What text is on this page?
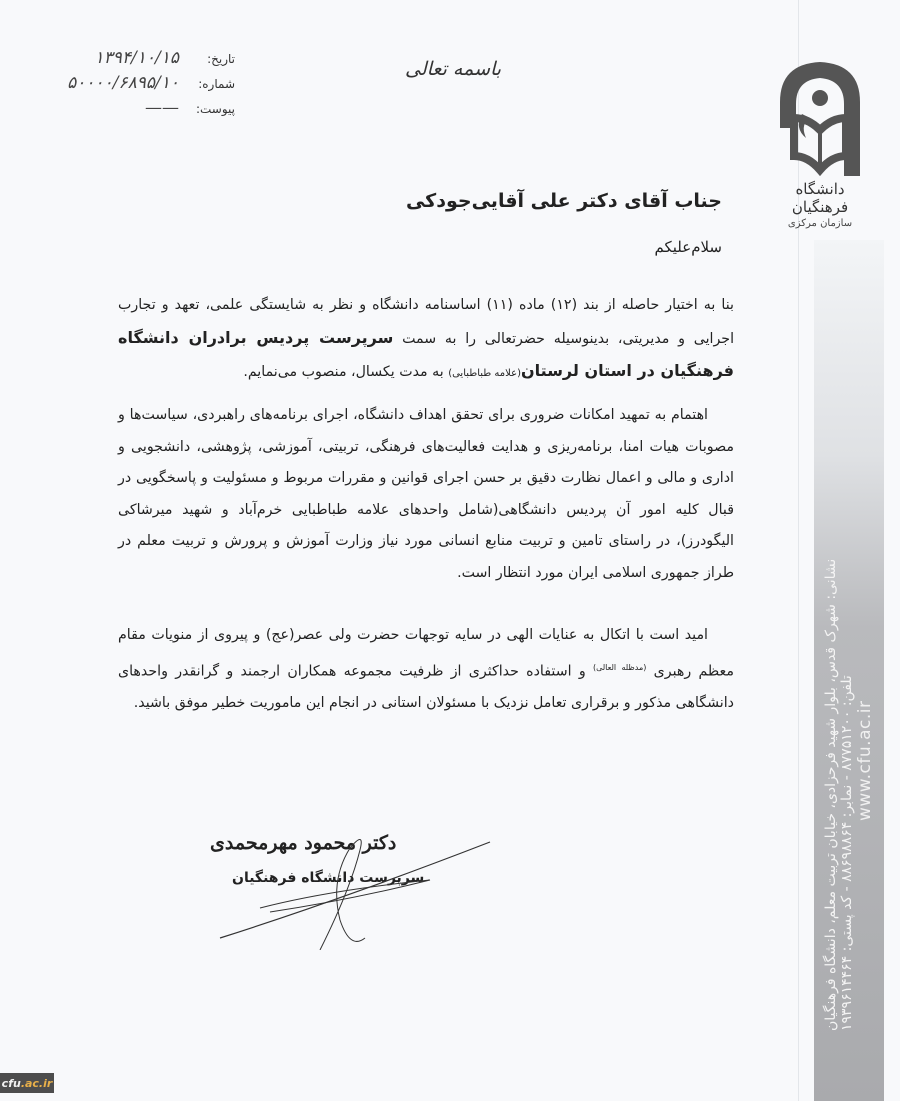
نشانی: شهرک قدس، بلوار شهید فرحزادی، خیابان تربیت معلم، دانشگاه فرهنگیان تلفن: ۸۷۷۵۱۲۰۰ - نمابر: ۸۸۶۹۸۸۶۴ - کد پستی: ۱۹۳۹۶۱۴۴۶۴
www.cfu.ac.ir
دانشگاه فرهنگیان
سازمان مرکزی
باسمه تعالی
تاریخ:
۱۳۹۴/۱۰/۱۵
شماره:
۵۰۰۰۰/۶۸۹۵/۱۰
پیوست:
——
جناب آقای دکتر علی آقایی‌جودکی
سلام‌علیکم
بنا به اختیار حاصله از بند (۱۲) ماده (۱۱) اساسنامه دانشگاه و نظر به شایستگی علمی، تعهد و تجارب اجرایی و مدیریتی، بدینوسیله حضرتعالی را به سمت سرپرست پردیس برادران دانشگاه فرهنگیان در استان لرستان(علامه طباطبایی) به مدت یکسال، منصوب می‌نمایم.
اهتمام به تمهید امکانات ضروری برای تحقق اهداف دانشگاه، اجرای برنامه‌های راهبردی، سیاست‌ها و مصوبات هیات امنا، برنامه‌ریزی و هدایت فعالیت‌های فرهنگی، تربیتی، آموزشی، پژوهشی، دانشجویی و اداری و مالی و اعمال نظارت دقیق بر حسن اجرای قوانین و مقررات مربوط و مسئولیت و پاسخگویی در قبال کلیه امور آن پردیس دانشگاهی(شامل واحدهای علامه طباطبایی خرم‌آباد و شهید میرشاکی الیگودرز)، در راستای تامین و تربیت منابع انسانی مورد نیاز وزارت آموزش و پرورش و تربیت معلم در طراز جمهوری اسلامی ایران مورد انتظار است.
امید است با اتکال به عنایات الهی در سایه توجهات حضرت ولی عصر(عج) و پیروی از منویات مقام معظم رهبری $^{(مدظله العالی)}$ و استفاده حداکثری از ظرفیت مجموعه همکاران ارجمند و گرانقدر واحدهای دانشگاهی مذکور و برقراری تعامل نزدیک با مسئولان استانی در انجام این ماموریت خطیر موفق باشید.
دکتر محمود مهرمحمدی
سرپرست دانشگاه فرهنگیان
cfu .ac.ir
